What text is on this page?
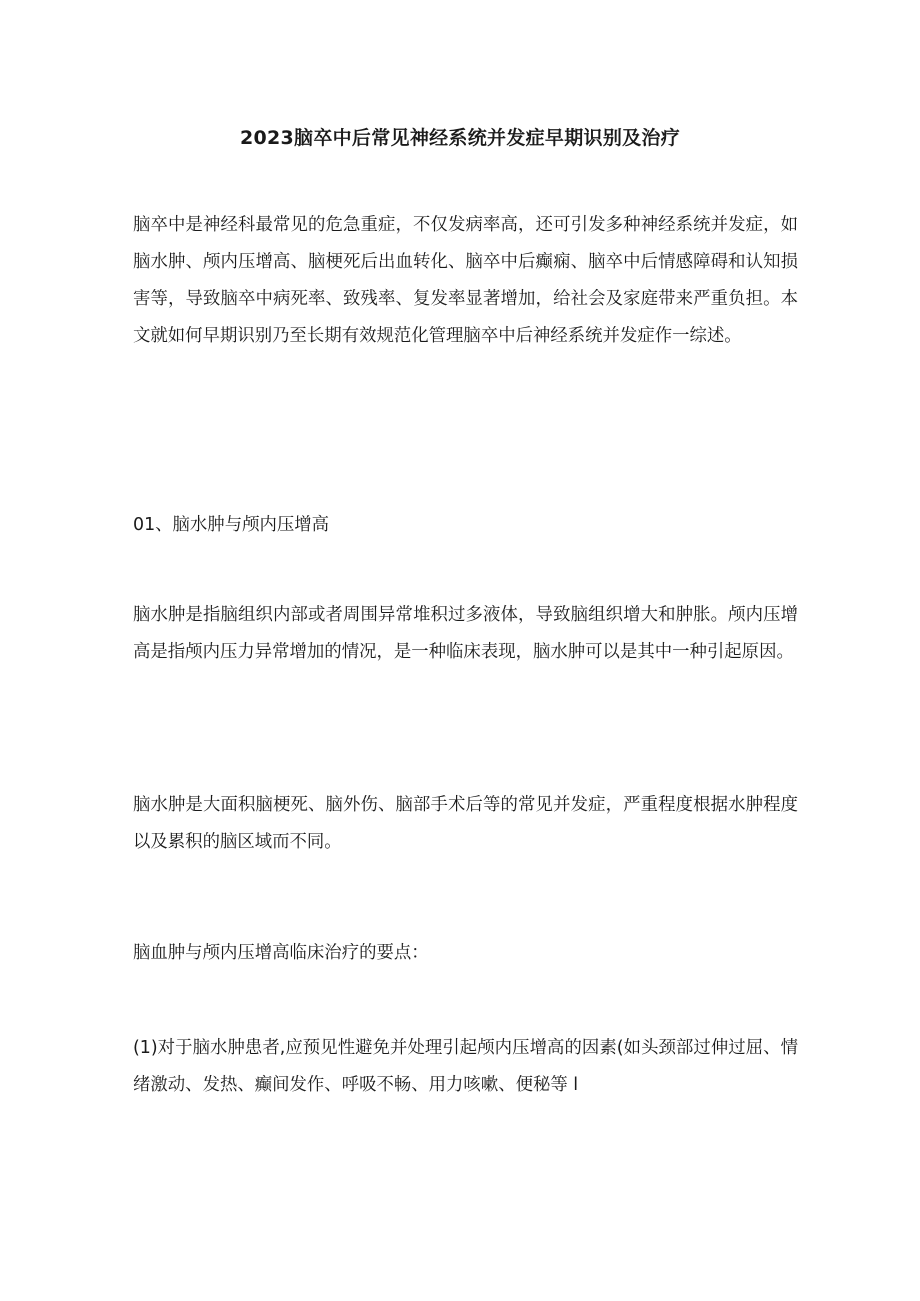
2023脑卒中后常见神经系统并发症早期识别及治疗

脑卒中是神经科最常见的危急重症，不仅发病率高，还可引发多种神经系统并发症，如脑水肿、颅内压增高、脑梗死后出血转化、脑卒中后癫痫、脑卒中后情感障碍和认知损害等，导致脑卒中病死率、致残率、复发率显著增加，给社会及家庭带来严重负担。本文就如何早期识别乃至长期有效规范化管理脑卒中后神经系统并发症作一综述。

01、脑水肿与颅内压增高

脑水肿是指脑组织内部或者周围异常堆积过多液体，导致脑组织增大和肿胀。颅内压增高是指颅内压力异常增加的情况，是一种临床表现，脑水肿可以是其中一种引起原因。

脑水肿是大面积脑梗死、脑外伤、脑部手术后等的常见并发症，严重程度根据水肿程度以及累积的脑区域而不同。

脑血肿与颅内压增高临床治疗的要点：

(1)对于脑水肿患者,应预见性避免并处理引起颅内压增高的因素(如头颈部过伸过屈、情绪激动、发热、癫间发作、呼吸不畅、用力咳嗽、便秘等 l
